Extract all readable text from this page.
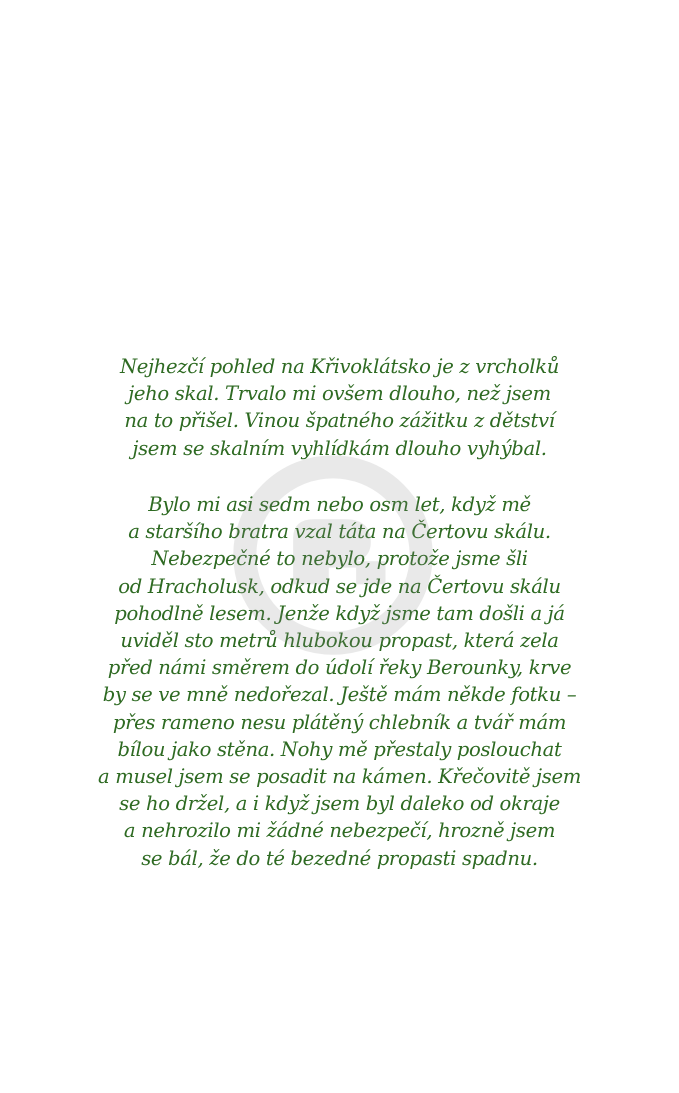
Nejhezčí pohled na Křivoklátsko je z vrcholků
jeho skal. Trvalo mi ovšem dlouho, než jsem
na to přišel. Vinou špatného zážitku z dětství
jsem se skalním vyhlídkám dlouho vyhýbal.
Bylo mi asi sedm nebo osm let, když mě
a staršího bratra vzal táta na Čertovu skálu.
Nebezpečné to nebylo, protože jsme šli
od Hracholusk, odkud se jde na Čertovu skálu
pohodlně lesem. Jenže když jsme tam došli a já
uviděl sto metrů hlubokou propast, která zela
před námi směrem do údolí řeky Berounky, krve
by se ve mně nedořezal. Ještě mám někde fotku –
přes rameno nesu plátěný chlebník a tvář mám
bílou jako stěna. Nohy mě přestaly poslouchat
a musel jsem se posadit na kámen. Křečovitě jsem
se ho držel, a i když jsem byl daleko od okraje
a nehrozilo mi žádné nebezpečí, hrozně jsem
se bál, že do té bezedné propasti spadnu.
